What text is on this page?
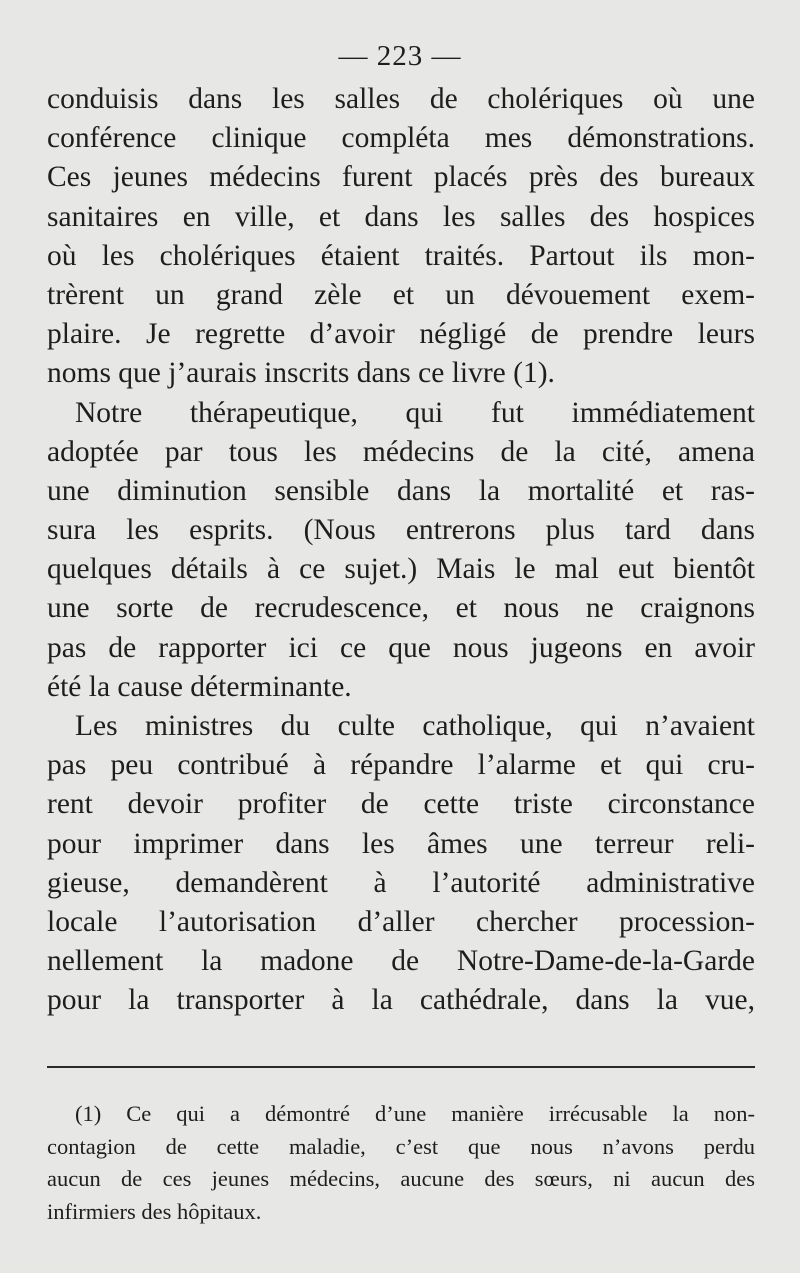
— 223 —
conduisis dans les salles de cholériques où une
conférence clinique compléta mes démonstrations.
Ces jeunes médecins furent placés près des bureaux
sanitaires en ville, et dans les salles des hospices
où les cholériques étaient traités. Partout ils mon-
trèrent un grand zèle et un dévouement exem-
plaire. Je regrette d’avoir négligé de prendre leurs
noms que j’aurais inscrits dans ce livre (1).
Notre thérapeutique, qui fut immédiatement
adoptée par tous les médecins de la cité, amena
une diminution sensible dans la mortalité et ras-
sura les esprits. (Nous entrerons plus tard dans
quelques détails à ce sujet.) Mais le mal eut bientôt
une sorte de recrudescence, et nous ne craignons
pas de rapporter ici ce que nous jugeons en avoir
été la cause déterminante.
Les ministres du culte catholique, qui n’avaient
pas peu contribué à répandre l’alarme et qui cru-
rent devoir profiter de cette triste circonstance
pour imprimer dans les âmes une terreur reli-
gieuse, demandèrent à l’autorité administrative
locale l’autorisation d’aller chercher procession-
nellement la madone de Notre-Dame-de-la-Garde
pour la transporter à la cathédrale, dans la vue,
(1) Ce qui a démontré d’une manière irrécusable la non-
contagion de cette maladie, c’est que nous n’avons perdu
aucun de ces jeunes médecins, aucune des sœurs, ni aucun des
infirmiers des hôpitaux.
